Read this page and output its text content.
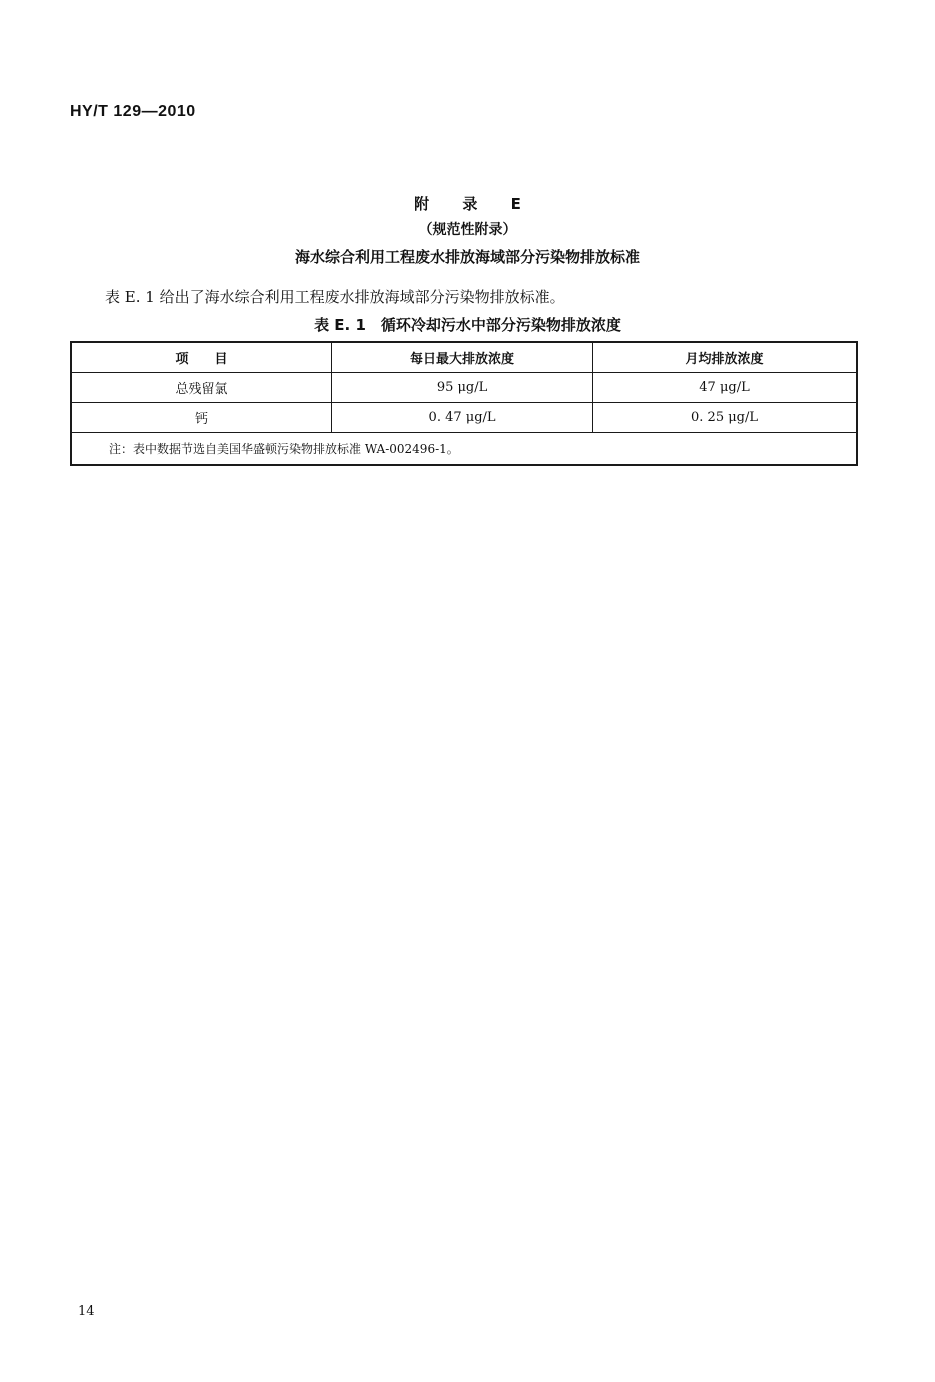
HY/T 129—2010
附 录 E
（规范性附录）
海水综合利用工程废水排放海域部分污染物排放标准
表 E. 1 给出了海水综合利用工程废水排放海域部分污染物排放标准。
表 E. 1　循环冷却污水中部分污染物排放浓度
项　　目	每日最大排放浓度	月均排放浓度
总残留氯	95 μg/L	47 μg/L
钙	0. 47 μg/L	0. 25 μg/L
注：表中数据节选自美国华盛顿污染物排放标准 WA-002496-1。		
14
